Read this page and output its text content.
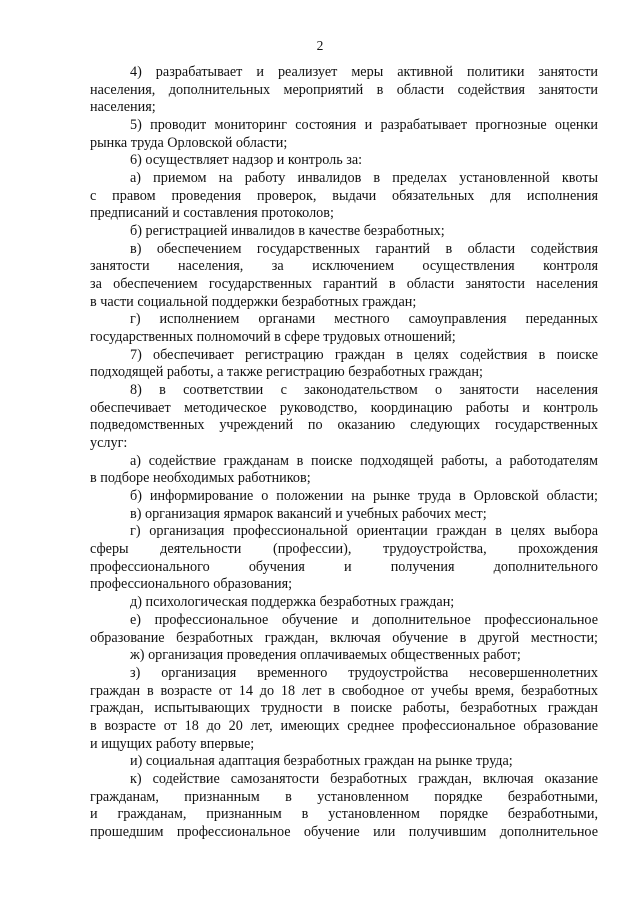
2
4) разрабатывает и реализует меры активной политики занятости
населения, дополнительных мероприятий в области содействия занятости
населения;
5) проводит мониторинг состояния и разрабатывает прогнозные оценки
рынка труда Орловской области;
6) осуществляет надзор и контроль за:
а) приемом на работу инвалидов в пределах установленной квоты
с правом проведения проверок, выдачи обязательных для исполнения
предписаний и составления протоколов;
б) регистрацией инвалидов в качестве безработных;
в) обеспечением государственных гарантий в области содействия
занятости населения, за исключением осуществления контроля
за обеспечением государственных гарантий в области занятости населения
в части социальной поддержки безработных граждан;
г) исполнением органами местного самоуправления переданных
государственных полномочий в сфере трудовых отношений;
7) обеспечивает регистрацию граждан в целях содействия в поиске
подходящей работы, а также регистрацию безработных граждан;
8) в соответствии с законодательством о занятости населения
обеспечивает методическое руководство, координацию работы и контроль
подведомственных учреждений по оказанию следующих государственных
услуг:
а) содействие гражданам в поиске подходящей работы, а работодателям
в подборе необходимых работников;
б) информирование о положении на рынке труда в Орловской области;
в) организация ярмарок вакансий и учебных рабочих мест;
г) организация профессиональной ориентации граждан в целях выбора
сферы деятельности (профессии), трудоустройства, прохождения
профессионального обучения и получения дополнительного
профессионального образования;
д) психологическая поддержка безработных граждан;
е) профессиональное обучение и дополнительное профессиональное
образование безработных граждан, включая обучение в другой местности;
ж) организация проведения оплачиваемых общественных работ;
з) организация временного трудоустройства несовершеннолетних
граждан в возрасте от 14 до 18 лет в свободное от учебы время, безработных
граждан, испытывающих трудности в поиске работы, безработных граждан
в возрасте от 18 до 20 лет, имеющих среднее профессиональное образование
и ищущих работу впервые;
и) социальная адаптация безработных граждан на рынке труда;
к) содействие самозанятости безработных граждан, включая оказание
гражданам, признанным в установленном порядке безработными,
и гражданам, признанным в установленном порядке безработными,
прошедшим профессиональное обучение или получившим дополнительное
